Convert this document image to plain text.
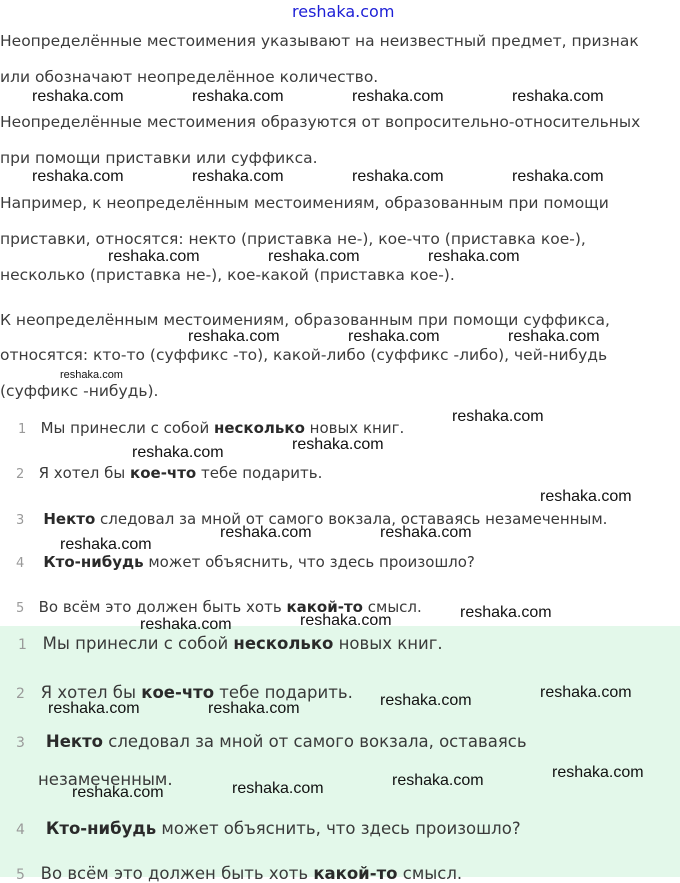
reshaka.com
Неопределённые местоимения указывают на неизвестный предмет, признак
или обозначают неопределённое количество.
Неопределённые местоимения образуются от вопросительно-относительных
при помощи приставки или суффикса.
Например, к неопределённым местоимениям, образованным при помощи
приставки, относятся: некто (приставка не-), кое-что (приставка кое-),
несколько (приставка не-), кое-какой (приставка кое-).
К неопределённым местоимениям, образованным при помощи суффикса,
относятся: кто-то (суффикс -то), какой-либо (суффикс -либо), чей-нибудь
(суффикс -нибудь).
1 Мы принесли с собой несколько новых книг.
2 Я хотел бы кое-что тебе подарить.
3 Некто следовал за мной от самого вокзала, оставаясь незамеченным.
4 Кто-нибудь может объяснить, что здесь произошло?
5 Во всём это должен быть хоть какой-то смысл.
1 Мы принесли с собой несколько новых книг.
2 Я хотел бы кое-что тебе подарить.
3 Некто следовал за мной от самого вокзала, оставаясь
незамеченным.
4 Кто-нибудь может объяснить, что здесь произошло?
5 Во всём это должен быть хоть какой-то смысл.
reshaka.com	reshaka.com	reshaka.com	reshaka.com
reshaka.com	reshaka.com	reshaka.com	reshaka.com
reshaka.com	reshaka.com	reshaka.com
reshaka.com	reshaka.com	reshaka.com
reshaka.com
reshaka.com
reshaka.com
reshaka.com
reshaka.com
reshaka.com	reshaka.com
reshaka.com
reshaka.com
reshaka.com
reshaka.com
reshaka.com
reshaka.com
reshaka.com	reshaka.com
reshaka.com
reshaka.com
reshaka.com
reshaka.com
